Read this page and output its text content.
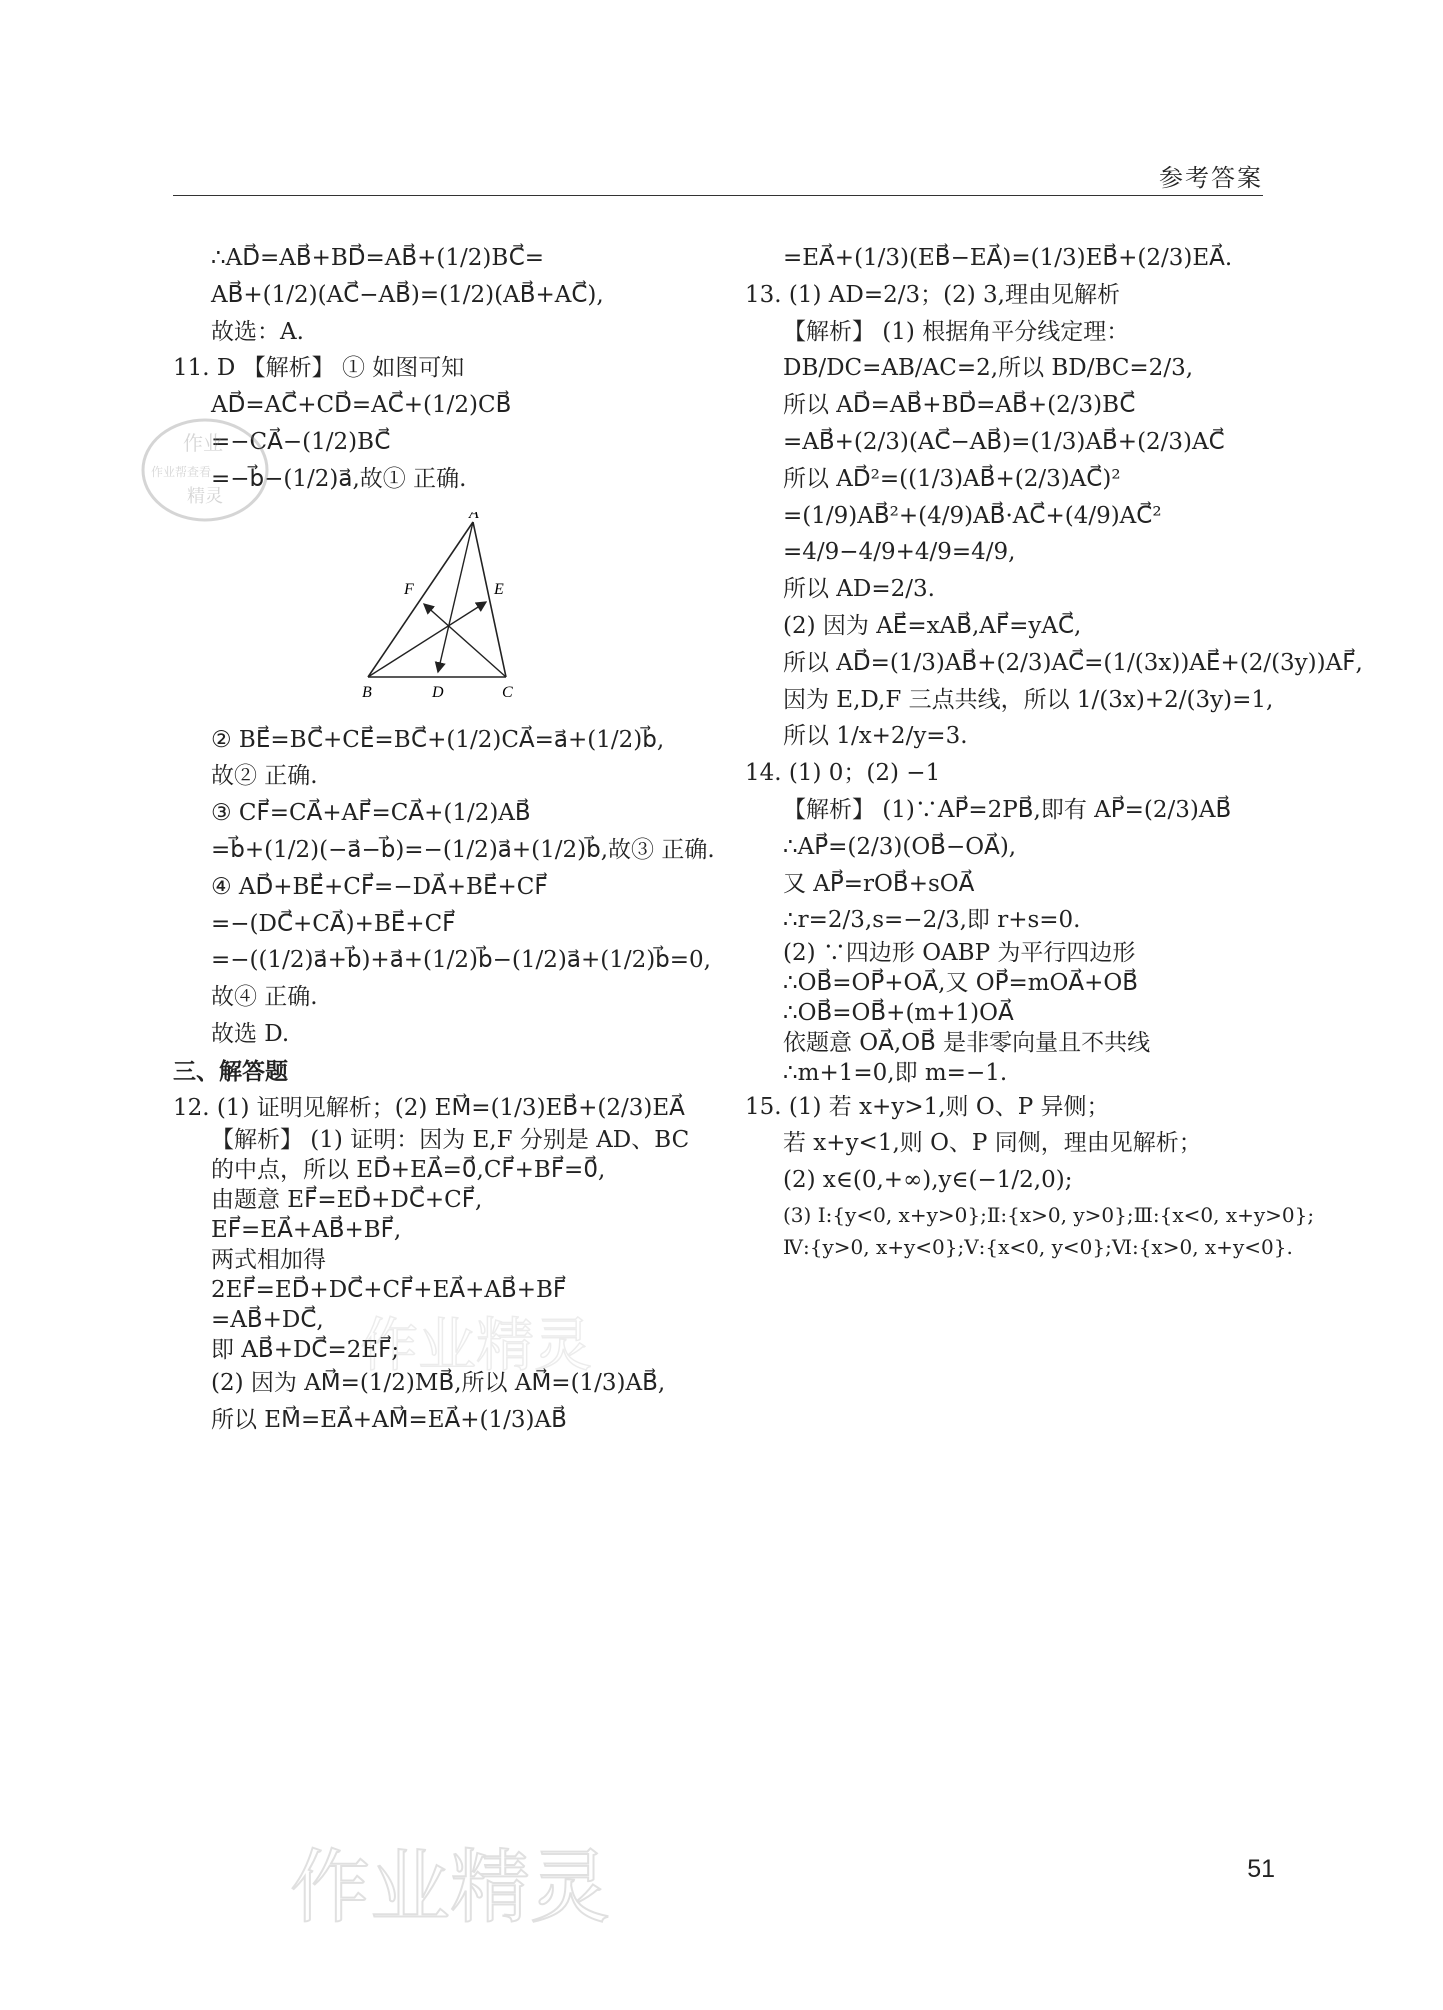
参考答案
∴AD⃗=AB⃗+BD⃗=AB⃗+(1/2)BC⃗=
AB⃗+(1/2)(AC⃗−AB⃗)=(1/2)(AB⃗+AC⃗),
故选：A.
11. D 【解析】 ① 如图可知
AD⃗=AC⃗+CD⃗=AC⃗+(1/2)CB⃗
=−CA⃗−(1/2)BC⃗
=−b⃗−(1/2)a⃗,故① 正确.
A
B	C
D
E
F
② BE⃗=BC⃗+CE⃗=BC⃗+(1/2)CA⃗=a⃗+(1/2)b⃗,
故② 正确.
③ CF⃗=CA⃗+AF⃗=CA⃗+(1/2)AB⃗
=b⃗+(1/2)(−a⃗−b⃗)=−(1/2)a⃗+(1/2)b⃗,故③ 正确.
④ AD⃗+BE⃗+CF⃗=−DA⃗+BE⃗+CF⃗
=−(DC⃗+CA⃗)+BE⃗+CF⃗
=−((1/2)a⃗+b⃗)+a⃗+(1/2)b⃗−(1/2)a⃗+(1/2)b⃗=0,
故④ 正确.
故选 D.
三、解答题
12. (1) 证明见解析；(2) EM⃗=(1/3)EB⃗+(2/3)EA⃗
【解析】 (1) 证明：因为 E,F 分别是 AD、BC
的中点，所以 ED⃗+EA⃗=0⃗,CF⃗+BF⃗=0⃗,
由题意 EF⃗=ED⃗+DC⃗+CF⃗,
EF⃗=EA⃗+AB⃗+BF⃗,
两式相加得
2EF⃗=ED⃗+DC⃗+CF⃗+EA⃗+AB⃗+BF⃗
=AB⃗+DC⃗,
即 AB⃗+DC⃗=2EF⃗;
(2) 因为 AM⃗=(1/2)MB⃗,所以 AM⃗=(1/3)AB⃗,
所以 EM⃗=EA⃗+AM⃗=EA⃗+(1/3)AB⃗
=EA⃗+(1/3)(EB⃗−EA⃗)=(1/3)EB⃗+(2/3)EA⃗.
13. (1) AD=2/3；(2) 3,理由见解析
【解析】 (1) 根据角平分线定理：
DB/DC=AB/AC=2,所以 BD/BC=2/3,
所以 AD⃗=AB⃗+BD⃗=AB⃗+(2/3)BC⃗
=AB⃗+(2/3)(AC⃗−AB⃗)=(1/3)AB⃗+(2/3)AC⃗
所以 AD⃗²=((1/3)AB⃗+(2/3)AC⃗)²
=(1/9)AB⃗²+(4/9)AB⃗·AC⃗+(4/9)AC⃗²
=4/9−4/9+4/9=4/9,
所以 AD=2/3.
(2) 因为 AE⃗=xAB⃗,AF⃗=yAC⃗,
所以 AD⃗=(1/3)AB⃗+(2/3)AC⃗=(1/(3x))AE⃗+(2/(3y))AF⃗,
因为 E,D,F 三点共线，所以 1/(3x)+2/(3y)=1,
所以 1/x+2/y=3.
14. (1) 0；(2) −1
【解析】 (1)∵AP⃗=2PB⃗,即有 AP⃗=(2/3)AB⃗
∴AP⃗=(2/3)(OB⃗−OA⃗),
又 AP⃗=rOB⃗+sOA⃗
∴r=2/3,s=−2/3,即 r+s=0.
(2) ∵四边形 OABP 为平行四边形
∴OB⃗=OP⃗+OA⃗,又 OP⃗=mOA⃗+OB⃗
∴OB⃗=OB⃗+(m+1)OA⃗
依题意 OA⃗,OB⃗ 是非零向量且不共线
∴m+1=0,即 m=−1.
15. (1) 若 x+y>1,则 O、P 异侧；
若 x+y<1,则 O、P 同侧，理由见解析；
(2) x∈(0,+∞),y∈(−1/2,0);
(3) Ⅰ:{y<0, x+y>0};Ⅱ:{x>0, y>0};Ⅲ:{x<0, x+y>0};
Ⅳ:{y>0, x+y<0};Ⅴ:{x<0, y<0};Ⅵ:{x>0, x+y<0}.
作业
作业帮查看
精灵
作业精灵
作业精灵	51
